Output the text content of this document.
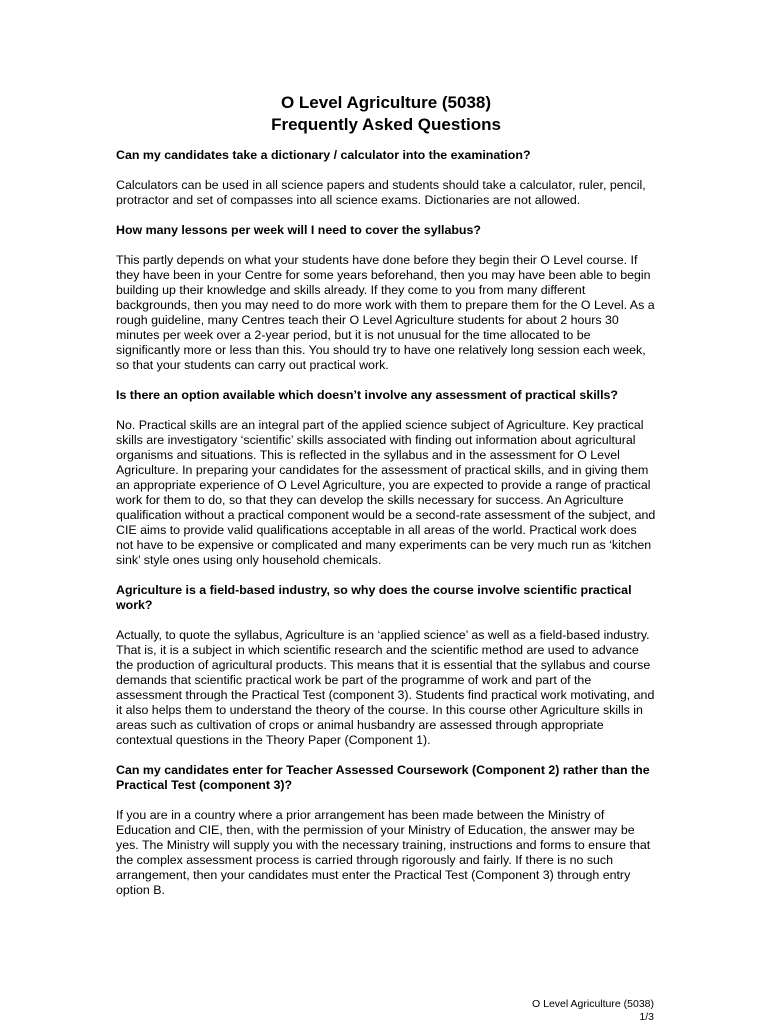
O Level Agriculture (5038)
Frequently Asked Questions

Can my candidates take a dictionary / calculator into the examination?

Calculators can be used in all science papers and students should take a calculator, ruler, pencil, protractor and set of compasses into all science exams. Dictionaries are not allowed.

How many lessons per week will I need to cover the syllabus?

This partly depends on what your students have done before they begin their O Level course. If they have been in your Centre for some years beforehand, then you may have been able to begin building up their knowledge and skills already. If they come to you from many different backgrounds, then you may need to do more work with them to prepare them for the O Level. As a rough guideline, many Centres teach their O Level Agriculture students for about 2 hours 30 minutes per week over a 2-year period, but it is not unusual for the time allocated to be significantly more or less than this. You should try to have one relatively long session each week, so that your students can carry out practical work.

Is there an option available which doesn’t involve any assessment of practical skills?

No. Practical skills are an integral part of the applied science subject of Agriculture. Key practical skills are investigatory ‘scientific’ skills associated with finding out information about agricultural organisms and situations. This is reflected in the syllabus and in the assessment for O Level Agriculture. In preparing your candidates for the assessment of practical skills, and in giving them an appropriate experience of O Level Agriculture, you are expected to provide a range of practical work for them to do, so that they can develop the skills necessary for success. An Agriculture qualification without a practical component would be a second-rate assessment of the subject, and CIE aims to provide valid qualifications acceptable in all areas of the world. Practical work does not have to be expensive or complicated and many experiments can be very much run as ‘kitchen sink’ style ones using only household chemicals.

Agriculture is a field-based industry, so why does the course involve scientific practical work?

Actually, to quote the syllabus, Agriculture is an ‘applied science’ as well as a field-based industry. That is, it is a subject in which scientific research and the scientific method are used to advance the production of agricultural products. This means that it is essential that the syllabus and course demands that scientific practical work be part of the programme of work and part of the assessment through the Practical Test (component 3). Students find practical work motivating, and it also helps them to understand the theory of the course. In this course other Agriculture skills in areas such as cultivation of crops or animal husbandry are assessed through appropriate contextual questions in the Theory Paper (Component 1).

Can my candidates enter for Teacher Assessed Coursework (Component 2) rather than the Practical Test (component 3)?

If you are in a country where a prior arrangement has been made between the Ministry of Education and CIE, then, with the permission of your Ministry of Education, the answer may be yes. The Ministry will supply you with the necessary training, instructions and forms to ensure that the complex assessment process is carried through rigorously and fairly. If there is no such arrangement, then your candidates must enter the Practical Test (Component 3) through entry option B.

O Level Agriculture (5038)
1/3
